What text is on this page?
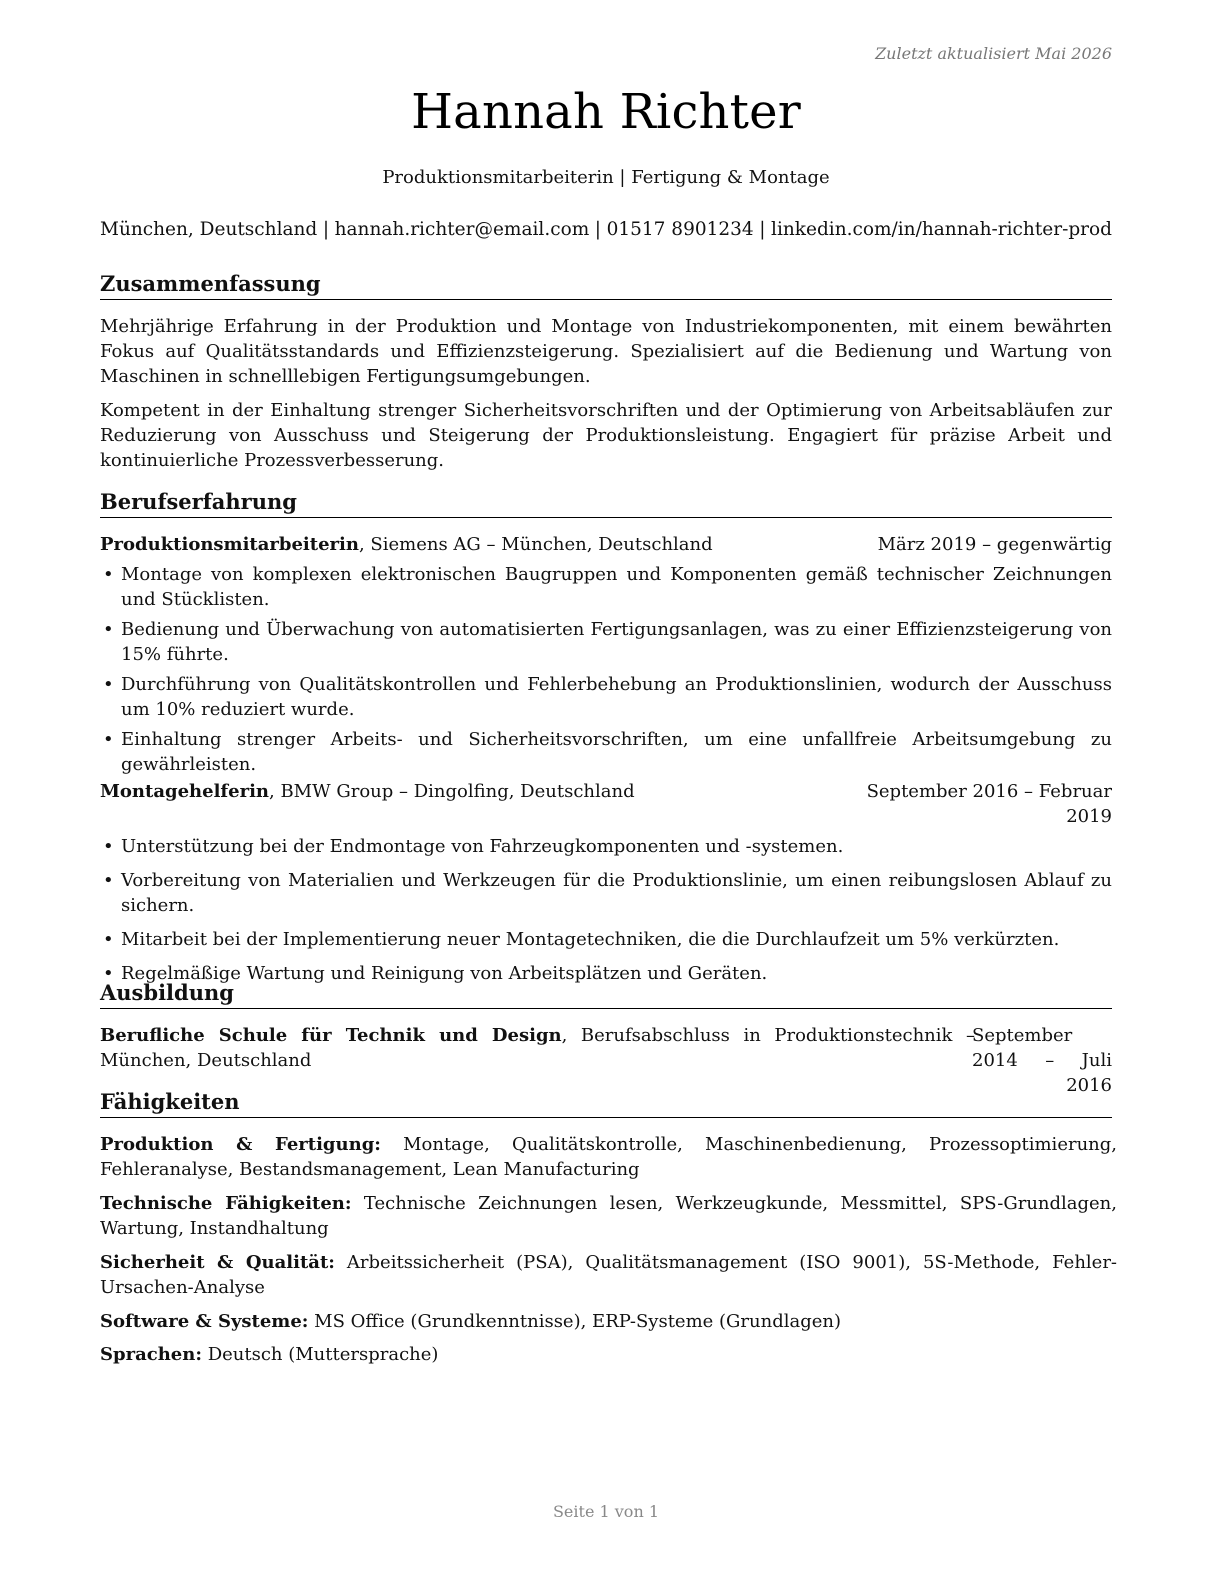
Zuletzt aktualisiert Mai 2026
Hannah Richter
Produktionsmitarbeiterin | Fertigung & Montage
München, Deutschland | hannah.richter@email.com | 01517 8901234 | linkedin.com/in/hannah-richter-prod
Zusammenfassung

Mehrjährige Erfahrung in der Produktion und Montage von Industriekomponenten, mit einem bewährten Fokus auf Qualitätsstandards und Effizienzsteigerung. Spezialisiert auf die Bedienung und Wartung von Maschinen in schnelllebigen Fertigungsumgebungen.

Kompetent in der Einhaltung strenger Sicherheitsvorschriften und der Optimierung von Arbeitsabläufen zur Reduzierung von Ausschuss und Steigerung der Produktionsleistung. Engagiert für präzise Arbeit und kontinuierliche Prozessverbesserung.

Berufserfahrung
Produktionsmitarbeiterin, Siemens AG – München, Deutschland	März 2019 – gegenwärtig
• Montage von komplexen elektronischen Baugruppen und Komponenten gemäß technischer Zeichnungen und Stücklisten.
• Bedienung und Überwachung von automatisierten Fertigungsanlagen, was zu einer Effizienzsteigerung von 15% führte.
• Durchführung von Qualitätskontrollen und Fehlerbehebung an Produktionslinien, wodurch der Ausschuss um 10% reduziert wurde.
• Einhaltung strenger Arbeits- und Sicherheitsvorschriften, um eine unfallfreie Arbeitsumgebung zu gewährleisten.
Montagehelferin, BMW Group – Dingolfing, Deutschland	September 2016 – Februar
2019
• Unterstützung bei der Endmontage von Fahrzeugkomponenten und -systemen.
• Vorbereitung von Materialien und Werkzeugen für die Produktionslinie, um einen reibungslosen Ablauf zu sichern.
• Mitarbeit bei der Implementierung neuer Montagetechniken, die die Durchlaufzeit um 5% verkürzten.
• Regelmäßige Wartung und Reinigung von Arbeitsplätzen und Geräten.
Ausbildung
Berufliche Schule für Technik und Design, Berufsabschluss in Produktionstechnik – München, Deutschland
September 2014 – Juli 2016
Fähigkeiten

Produktion & Fertigung: Montage, Qualitätskontrolle, Maschinenbedienung, Prozessoptimierung, Fehleranalyse, Bestandsmanagement, Lean Manufacturing

Technische Fähigkeiten: Technische Zeichnungen lesen, Werkzeugkunde, Messmittel, SPS-Grundlagen, Wartung, Instandhaltung

Sicherheit & Qualität: Arbeitssicherheit (PSA), Qualitätsmanagement (ISO 9001), 5S-Methode, Fehler-Ursachen-Analyse

Software & Systeme: MS Office (Grundkenntnisse), ERP-Systeme (Grundlagen)

Sprachen: Deutsch (Muttersprache)

Seite 1 von 1
